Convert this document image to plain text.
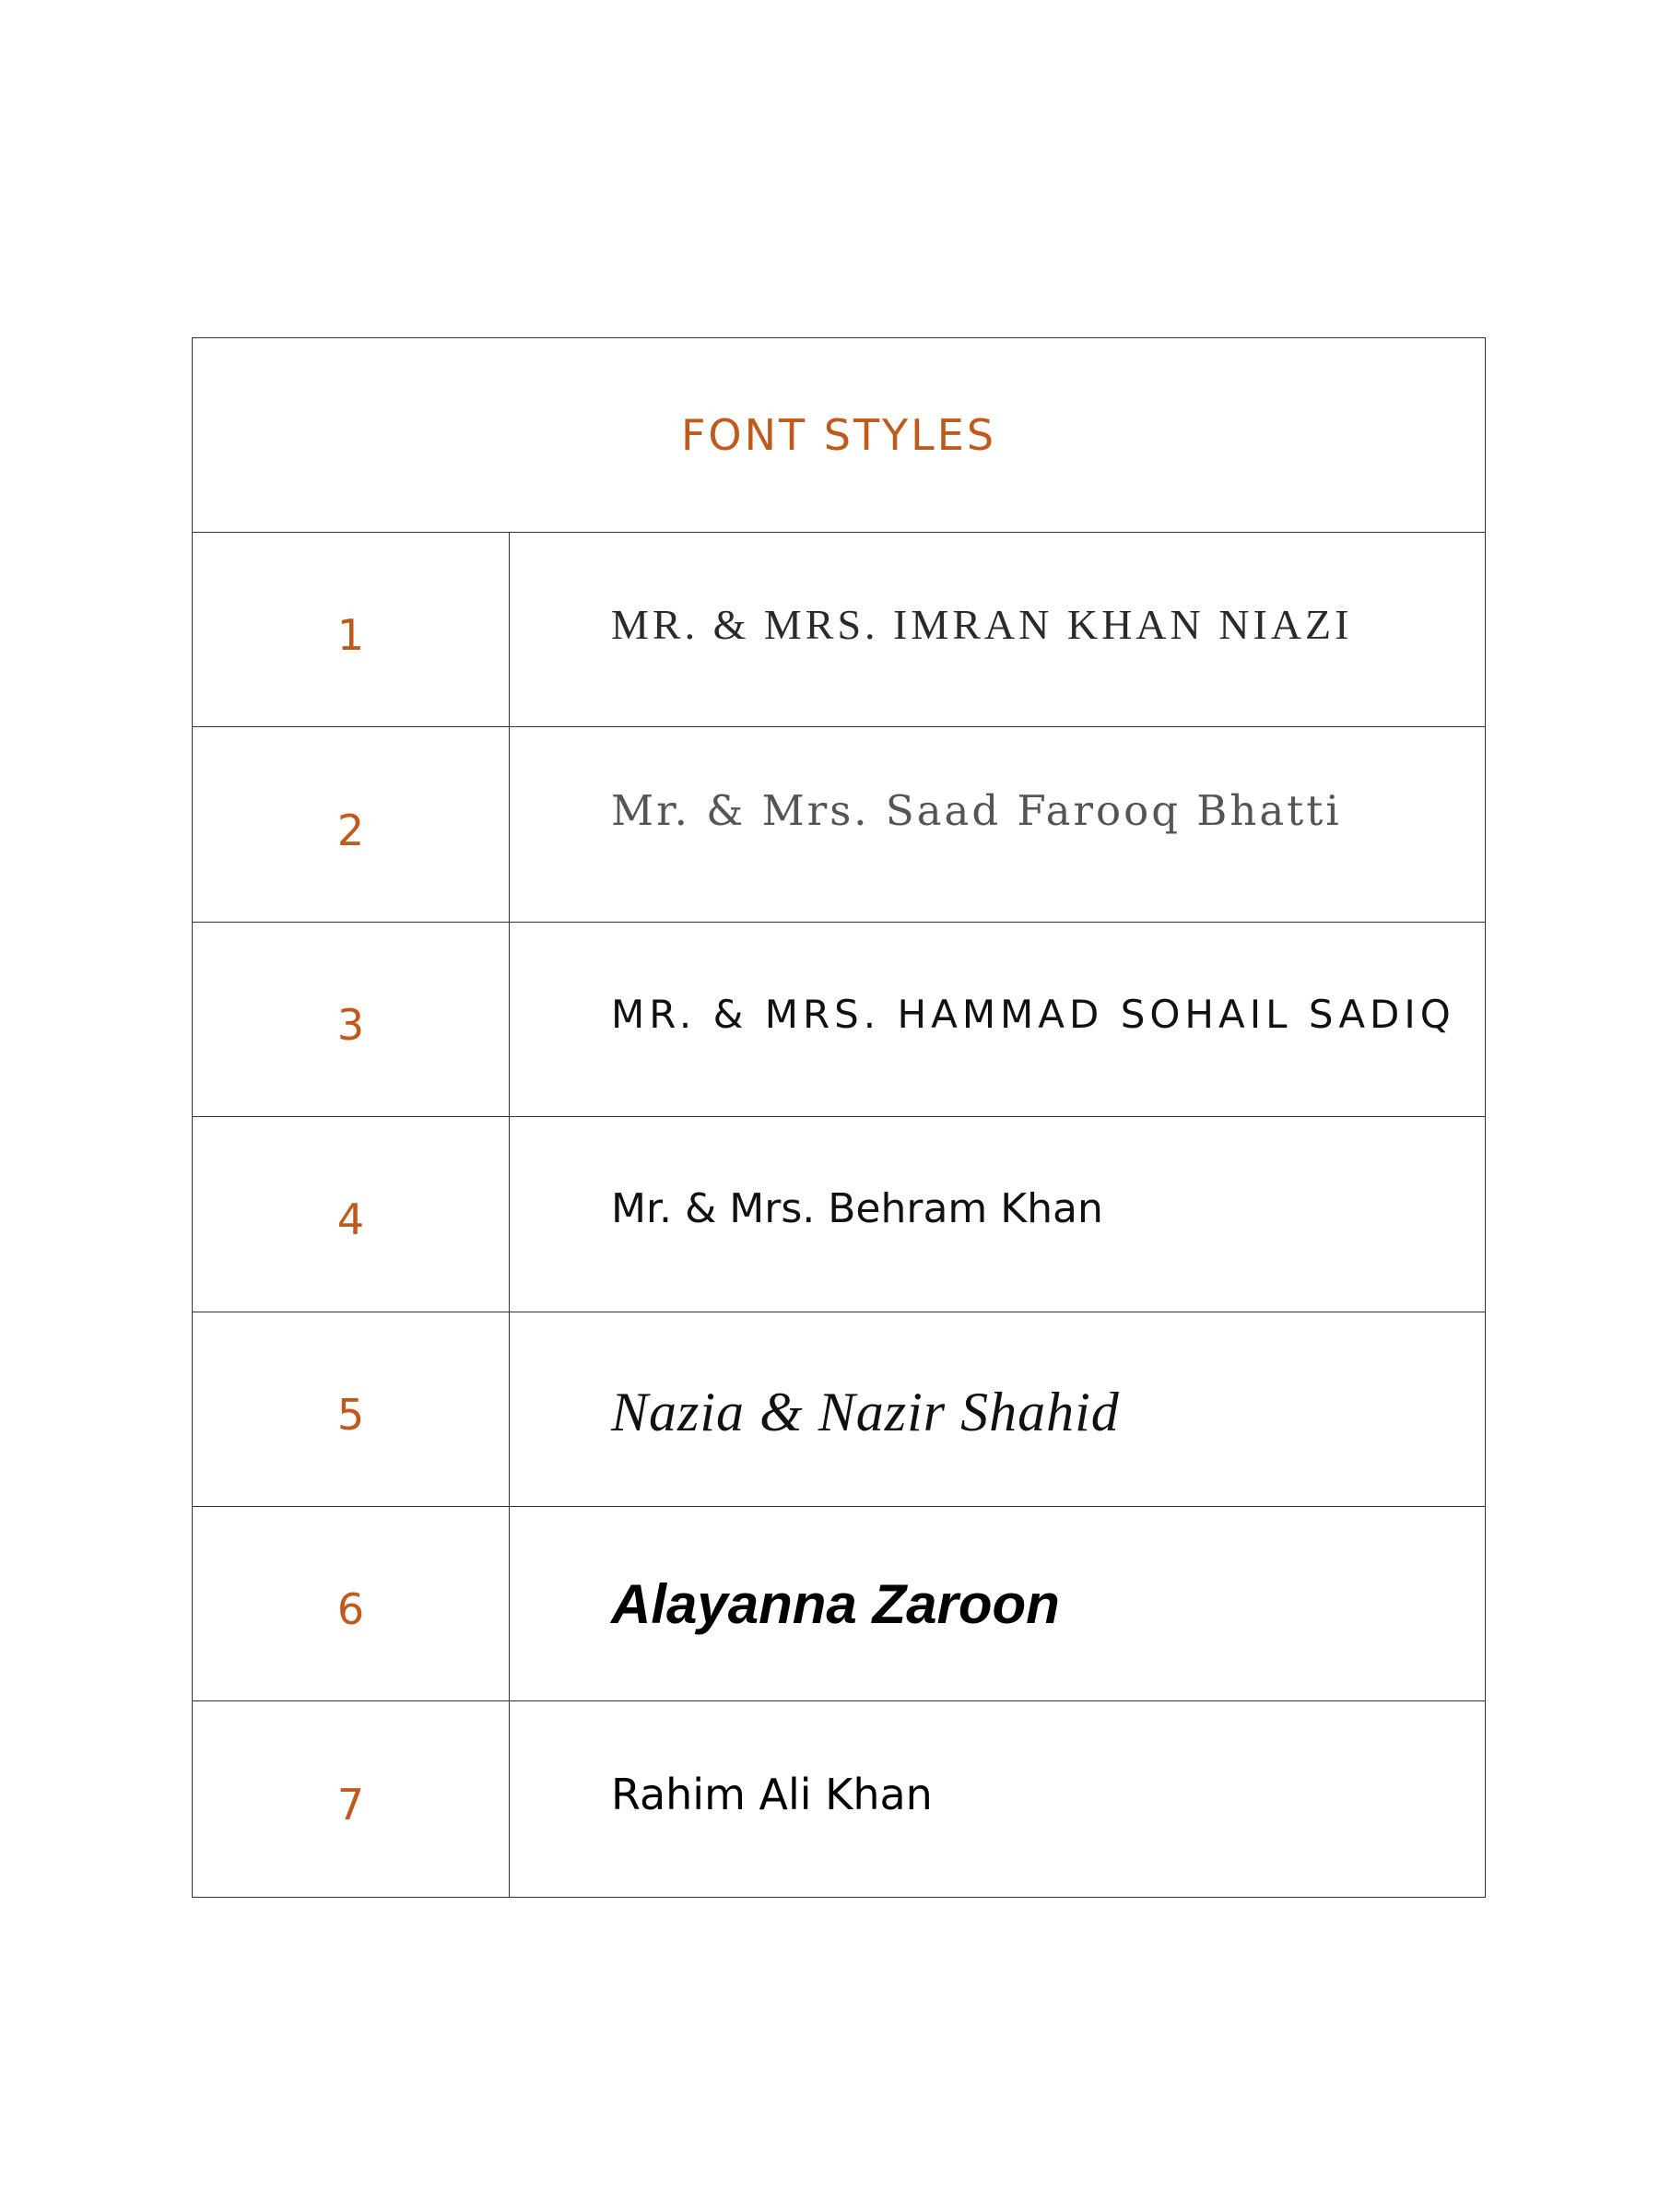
FONT STYLES
1	MR. & MRS. IMRAN KHAN NIAZI
2	Mr. & Mrs. Saad Farooq Bhatti
3	MR. & MRS. HAMMAD SOHAIL SADIQ
4	Mr. & Mrs. Behram Khan
5	Nazia & Nazir Shahid
6	Alayanna Zaroon
7	Rahim Ali Khan
